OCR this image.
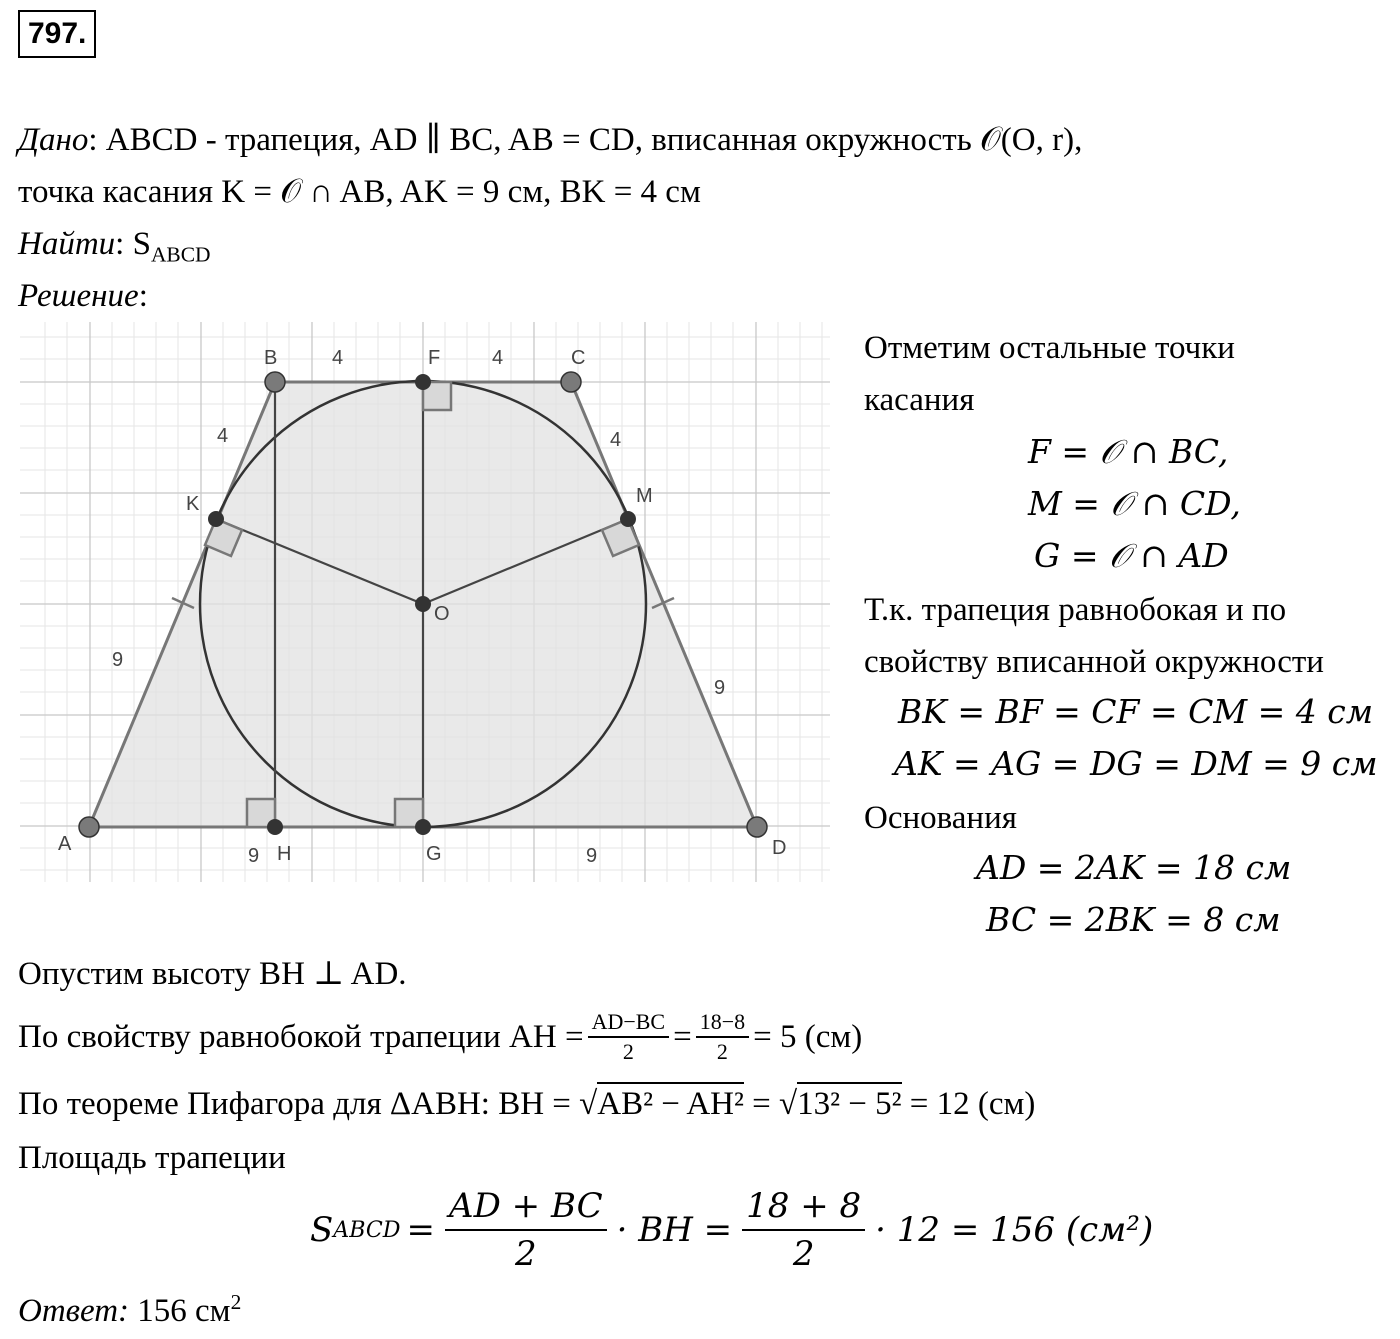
797.
Дано: ABCD - трапеция, AD ∥ BC, AB = CD, вписанная окружность 𝒪(O, r),
точка касания K = 𝒪 ∩ AB, AK = 9 см, BK = 4 см
Найти: $S_{ABCD}$
Решение:
A
B	C
D
K	M
O
F
G
H
4	4
4	4
9
9
9	9
Отметим остальные точки
касания
F = 𝒪 ∩ BC,
M = 𝒪 ∩ CD,
G = 𝒪 ∩ AD
Т.к. трапеция равнобокая и по
свойству вписанной окружности
BK = BF = CF = CM = 4 см
AK = AG = DG = DM = 9 см
Основания
AD = 2AK = 18 см
BC = 2BK = 8 см
Опустим высоту BH ⊥ AD.
По свойству равнобокой трапеции AH = $\frac{AD-BC}{2} = \frac{18-8}{2} = 5$ (см)
По теореме Пифагора для ΔABH: BH = √AB² − AH² = √13² − 5² = 12 (см)
Площадь трапеции
S ABCD = $\frac{AD + BC}{2}$ · BH = $\frac{18 + 8}{2} \cdot 12 = 156$ (см²)
Ответ: 156 $см^2$
